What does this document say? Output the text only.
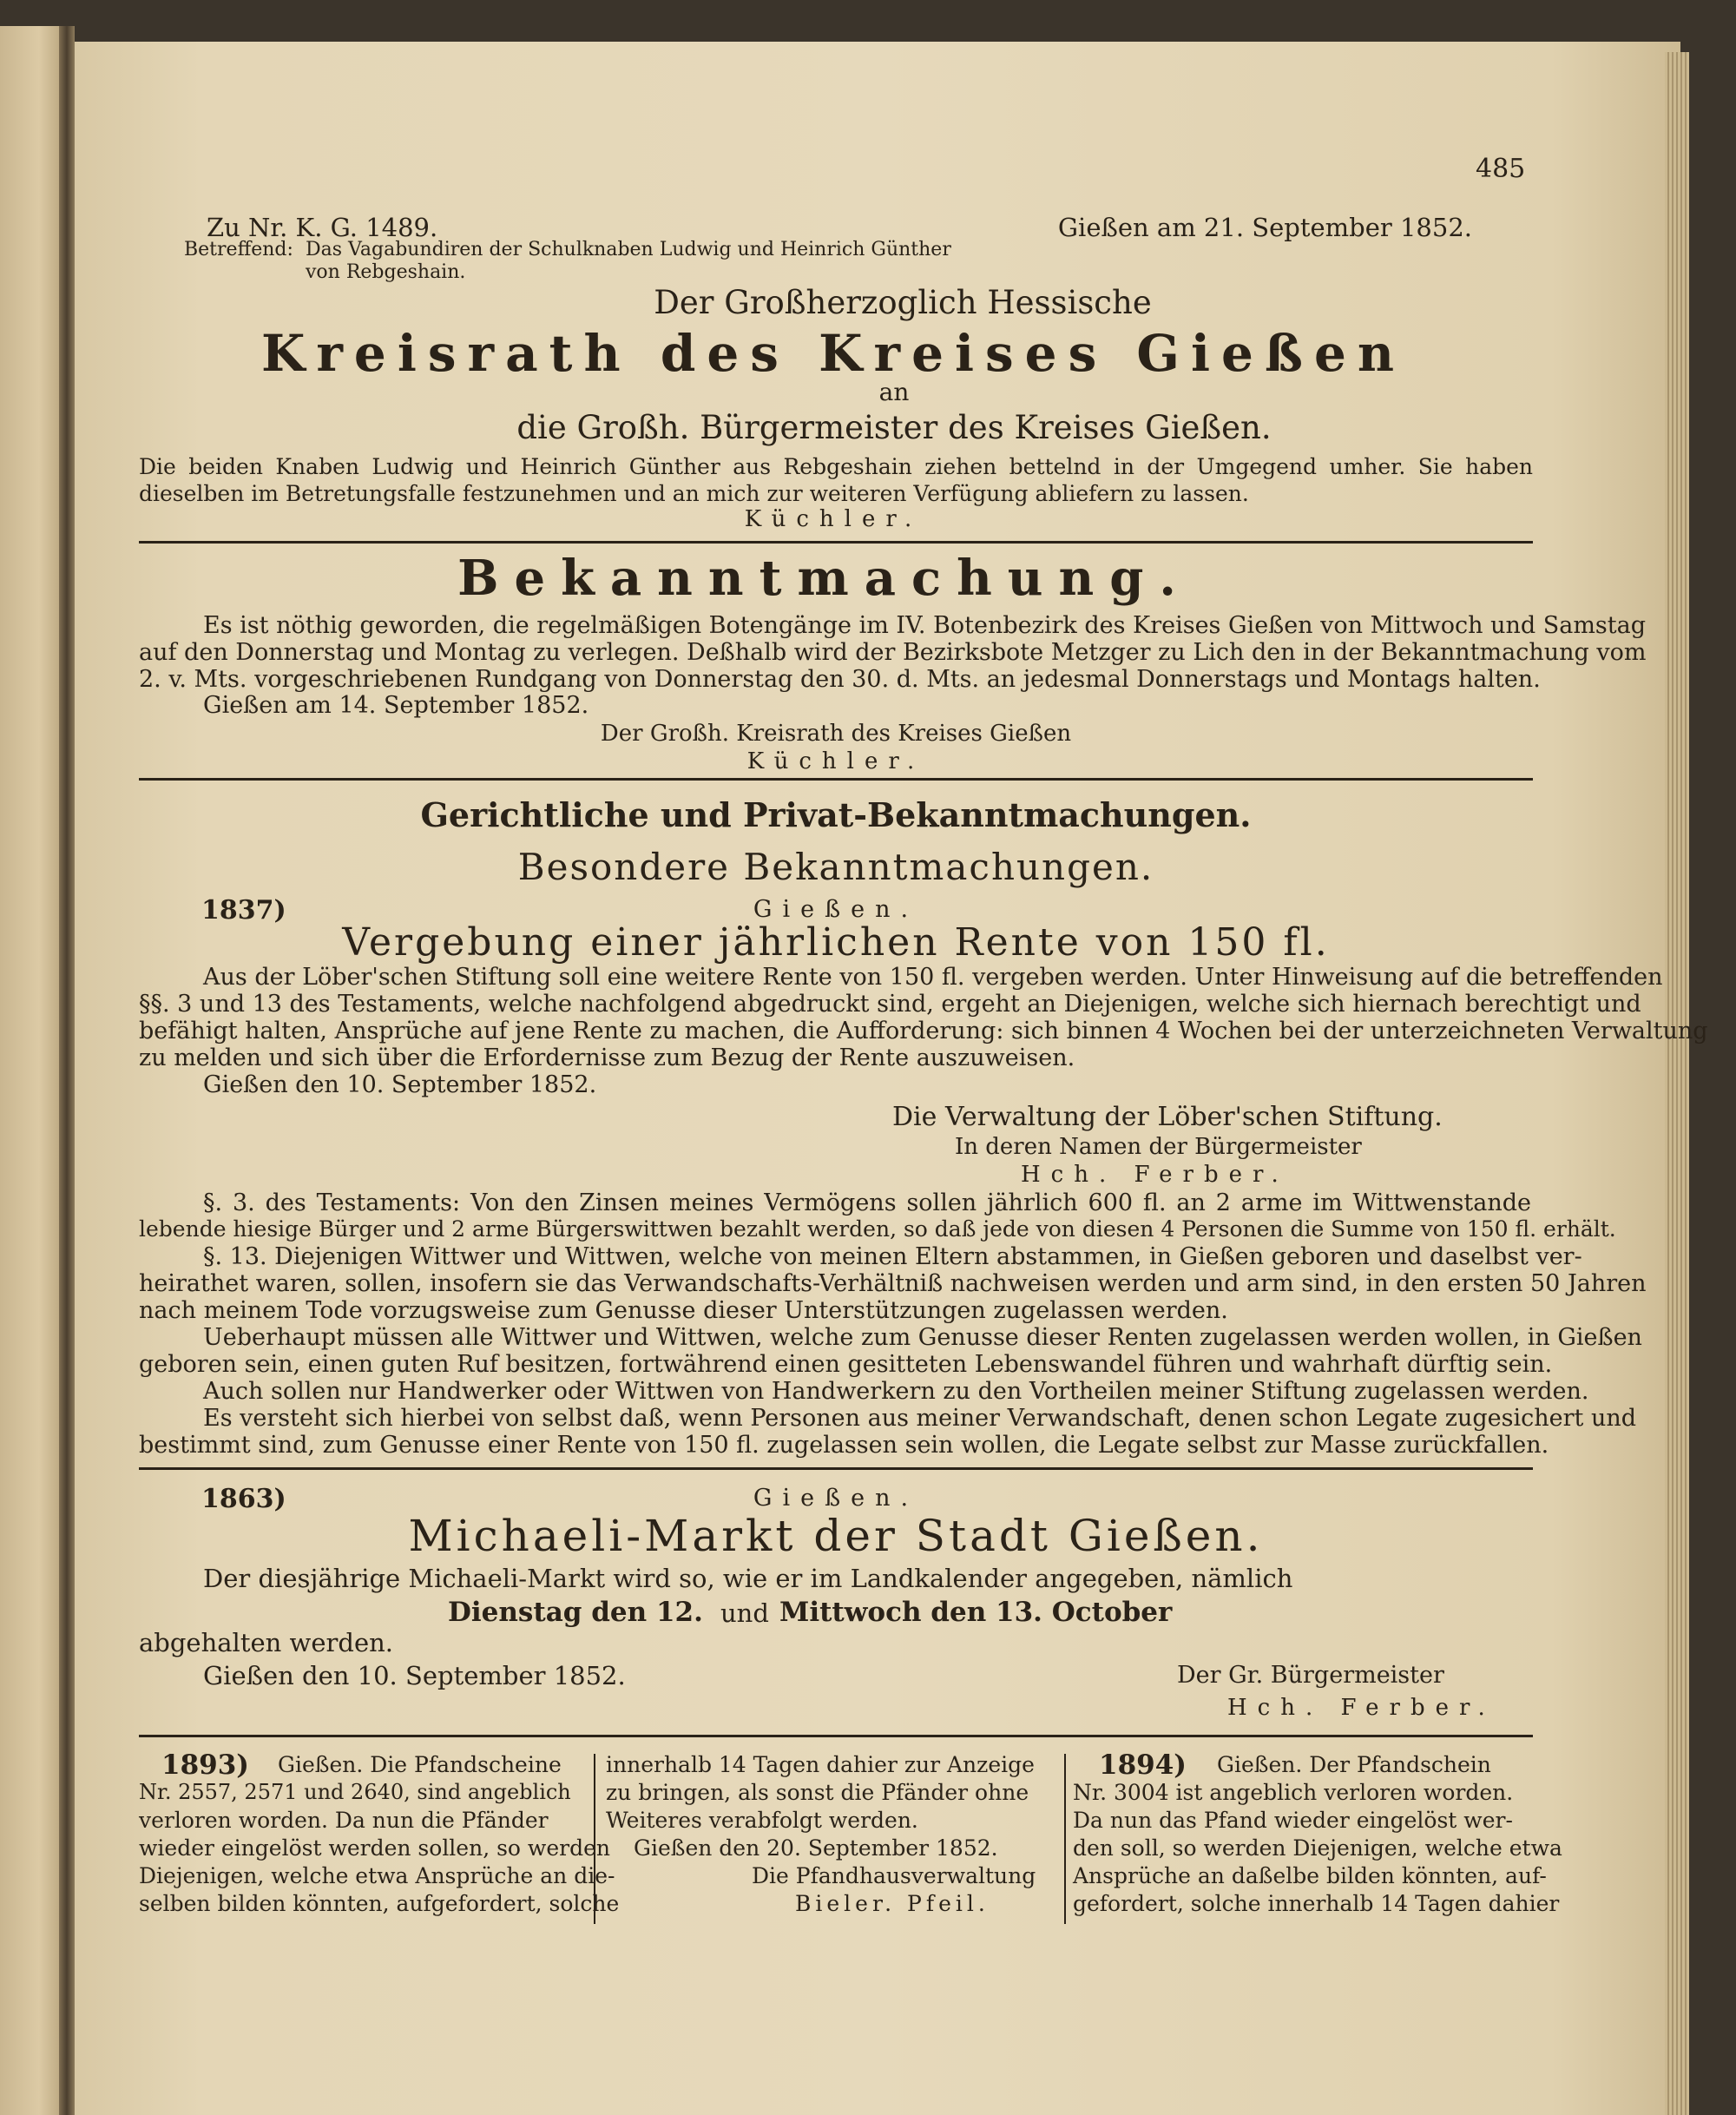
485
Zu Nr. K. G. 1489.	Gießen am 21. September 1852.
Betreffend: Das Vagabundiren der Schulknaben Ludwig und Heinrich Günther
von Rebgeshain.
Der Großherzoglich Hessische
Kreisrath des Kreises Gießen
an
die Großh. Bürgermeister des Kreises Gießen.
Die beiden Knaben Ludwig und Heinrich Günther aus Rebgeshain ziehen bettelnd in der Umgegend umher. Sie haben
dieselben im Betretungsfalle festzunehmen und an mich zur weiteren Verfügung abliefern zu lassen.
Küchler.
Bekanntmachung.
Es ist nöthig geworden, die regelmäßigen Botengänge im IV. Botenbezirk des Kreises Gießen von Mittwoch und Samstag
auf den Donnerstag und Montag zu verlegen. Deßhalb wird der Bezirksbote Metzger zu Lich den in der Bekanntmachung vom
2. v. Mts. vorgeschriebenen Rundgang von Donnerstag den 30. d. Mts. an jedesmal Donnerstags und Montags halten.
Gießen am 14. September 1852.
Der Großh. Kreisrath des Kreises Gießen
Küchler.
Gerichtliche und Privat-Bekanntmachungen.
Besondere Bekanntmachungen.
1837)	Gießen.
Vergebung einer jährlichen Rente von 150 fl.
Aus der Löber'schen Stiftung soll eine weitere Rente von 150 fl. vergeben werden. Unter Hinweisung auf die betreffenden
§§. 3 und 13 des Testaments, welche nachfolgend abgedruckt sind, ergeht an Diejenigen, welche sich hiernach berechtigt und
befähigt halten, Ansprüche auf jene Rente zu machen, die Aufforderung: sich binnen 4 Wochen bei der unterzeichneten Verwaltung
zu melden und sich über die Erfordernisse zum Bezug der Rente auszuweisen.
Gießen den 10. September 1852.
Die Verwaltung der Löber'schen Stiftung.
In deren Namen der Bürgermeister
Hch. Ferber.
§. 3. des Testaments: Von den Zinsen meines Vermögens sollen jährlich 600 fl. an 2 arme im Wittwenstande
lebende hiesige Bürger und 2 arme Bürgerswittwen bezahlt werden, so daß jede von diesen 4 Personen die Summe von 150 fl. erhält.
§. 13. Diejenigen Wittwer und Wittwen, welche von meinen Eltern abstammen, in Gießen geboren und daselbst ver-
heirathet waren, sollen, insofern sie das Verwandschafts-Verhältniß nachweisen werden und arm sind, in den ersten 50 Jahren
nach meinem Tode vorzugsweise zum Genusse dieser Unterstützungen zugelassen werden.
Ueberhaupt müssen alle Wittwer und Wittwen, welche zum Genusse dieser Renten zugelassen werden wollen, in Gießen
geboren sein, einen guten Ruf besitzen, fortwährend einen gesitteten Lebenswandel führen und wahrhaft dürftig sein.
Auch sollen nur Handwerker oder Wittwen von Handwerkern zu den Vortheilen meiner Stiftung zugelassen werden.
Es versteht sich hierbei von selbst daß, wenn Personen aus meiner Verwandschaft, denen schon Legate zugesichert und
bestimmt sind, zum Genusse einer Rente von 150 fl. zugelassen sein wollen, die Legate selbst zur Masse zurückfallen.
1863)	Gießen.
Michaeli-Markt der Stadt Gießen.
Der diesjährige Michaeli-Markt wird so, wie er im Landkalender angegeben, nämlich
Dienstag den 12. und Mittwoch den 13. October
abgehalten werden.
Gießen den 10. September 1852.	Der Gr. Bürgermeister
Hch. Ferber.
1893) Gießen. Die Pfandscheine
Nr. 2557, 2571 und 2640, sind angeblich
verloren worden. Da nun die Pfänder
wieder eingelöst werden sollen, so werden
Diejenigen, welche etwa Ansprüche an die-
selben bilden könnten, aufgefordert, solche
innerhalb 14 Tagen dahier zur Anzeige
zu bringen, als sonst die Pfänder ohne
Weiteres verabfolgt werden.
Gießen den 20. September 1852.
Die Pfandhausverwaltung
Bieler. Pfeil.
1894) Gießen. Der Pfandschein
Nr. 3004 ist angeblich verloren worden.
Da nun das Pfand wieder eingelöst wer-
den soll, so werden Diejenigen, welche etwa
Ansprüche an daßelbe bilden könnten, auf-
gefordert, solche innerhalb 14 Tagen dahier
